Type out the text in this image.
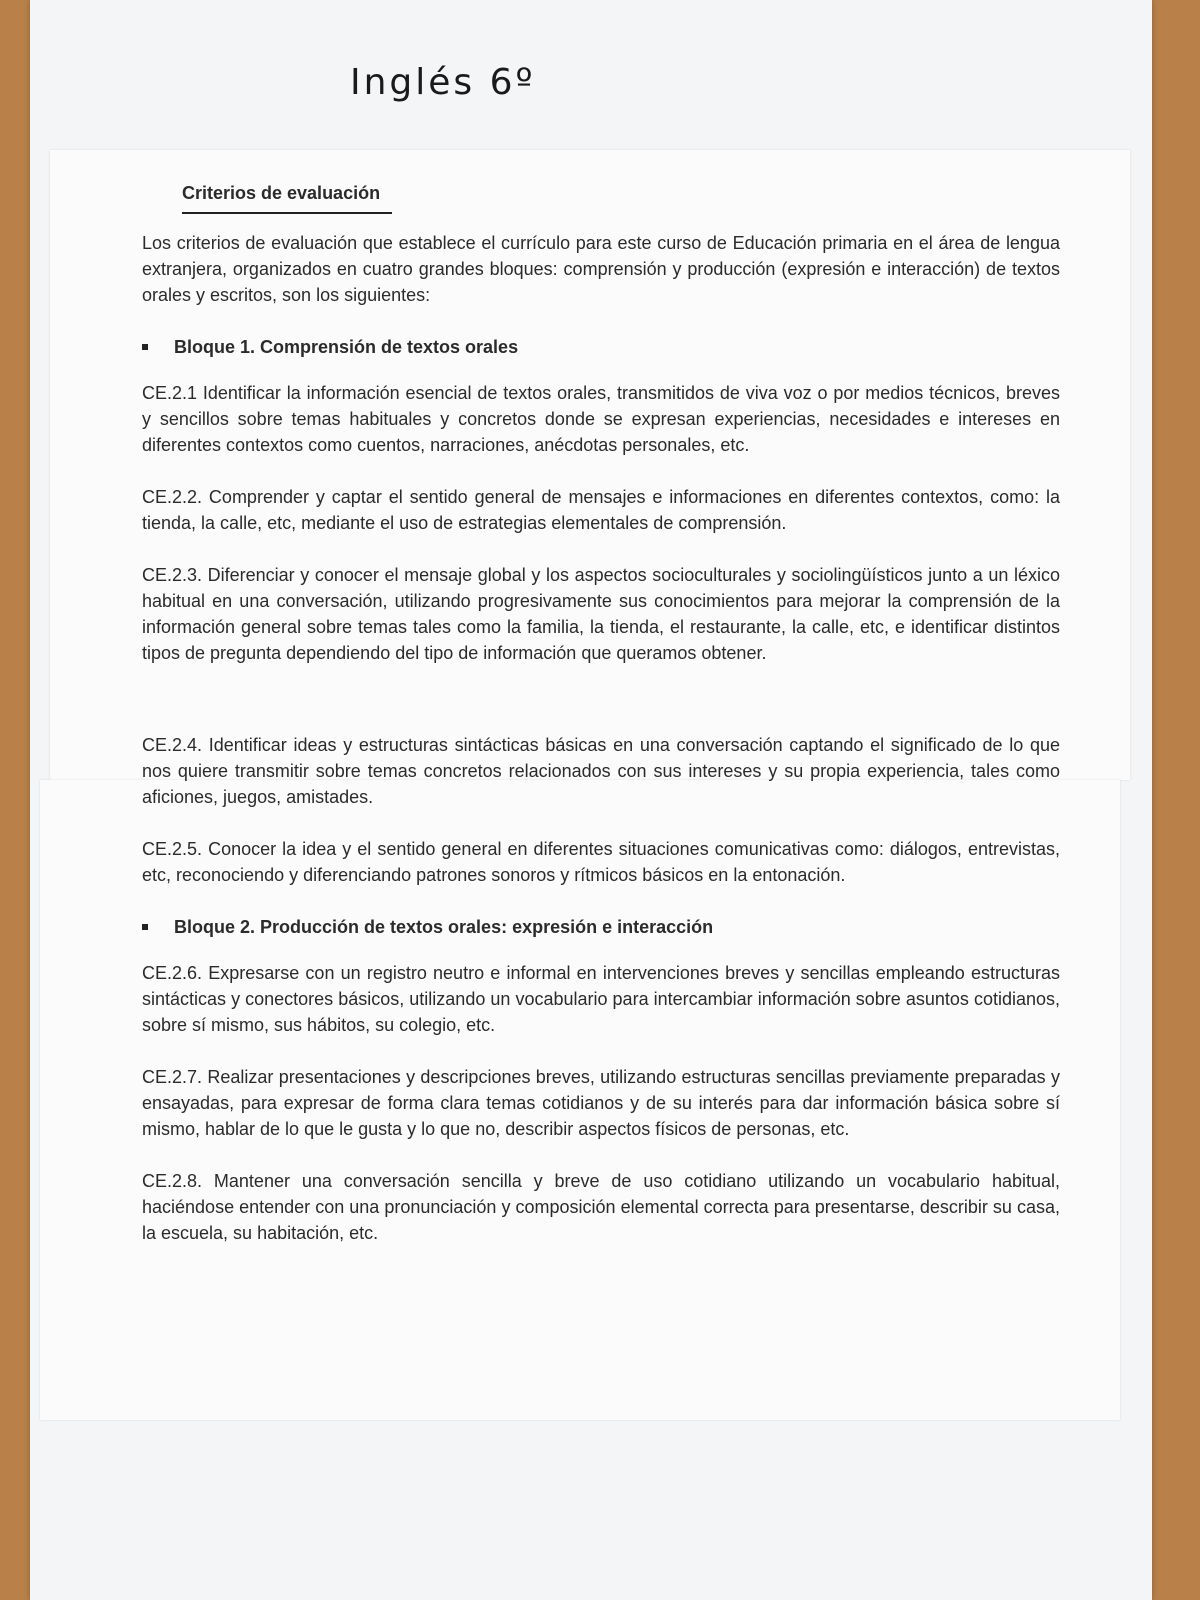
Inglés 6º
Criterios de evaluación

Los criterios de evaluación que establece el currículo para este curso de Educación primaria en el área de lengua extranjera, organizados en cuatro grandes bloques: comprensión y producción (expresión e interacción) de textos orales y escritos, son los siguientes:

Bloque 1. Comprensión de textos orales

CE.2.1 Identificar la información esencial de textos orales, transmitidos de viva voz o por medios técnicos, breves y sencillos sobre temas habituales y concretos donde se expresan experiencias, necesidades e intereses en diferentes contextos como cuentos, narraciones, anécdotas personales, etc.

CE.2.2. Comprender y captar el sentido general de mensajes e informaciones en diferentes contextos, como: la tienda, la calle, etc, mediante el uso de estrategias elementales de comprensión.

CE.2.3. Diferenciar y conocer el mensaje global y los aspectos socioculturales y sociolingüísticos junto a un léxico habitual en una conversación, utilizando progresivamente sus conocimientos para mejorar la comprensión de la información general sobre temas tales como la familia, la tienda, el restaurante, la calle, etc, e identificar distintos tipos de pregunta dependiendo del tipo de información que queramos obtener.

CE.2.4. Identificar ideas y estructuras sintácticas básicas en una conversación captando el significado de lo que nos quiere transmitir sobre temas concretos relacionados con sus intereses y su propia experiencia, tales como aficiones, juegos, amistades.

CE.2.5. Conocer la idea y el sentido general en diferentes situaciones comunicativas como: diálogos, entrevistas, etc, reconociendo y diferenciando patrones sonoros y rítmicos básicos en la entonación.

Bloque 2. Producción de textos orales: expresión e interacción

CE.2.6. Expresarse con un registro neutro e informal en intervenciones breves y sencillas empleando estructuras sintácticas y conectores básicos, utilizando un vocabulario para intercambiar información sobre asuntos cotidianos, sobre sí mismo, sus hábitos, su colegio, etc.

CE.2.7. Realizar presentaciones y descripciones breves, utilizando estructuras sencillas previamente preparadas y ensayadas, para expresar de forma clara temas cotidianos y de su interés para dar información básica sobre sí mismo, hablar de lo que le gusta y lo que no, describir aspectos físicos de personas, etc.

CE.2.8. Mantener una conversación sencilla y breve de uso cotidiano utilizando un vocabulario habitual, haciéndose entender con una pronunciación y composición elemental correcta para presentarse, describir su casa, la escuela, su habitación, etc.
